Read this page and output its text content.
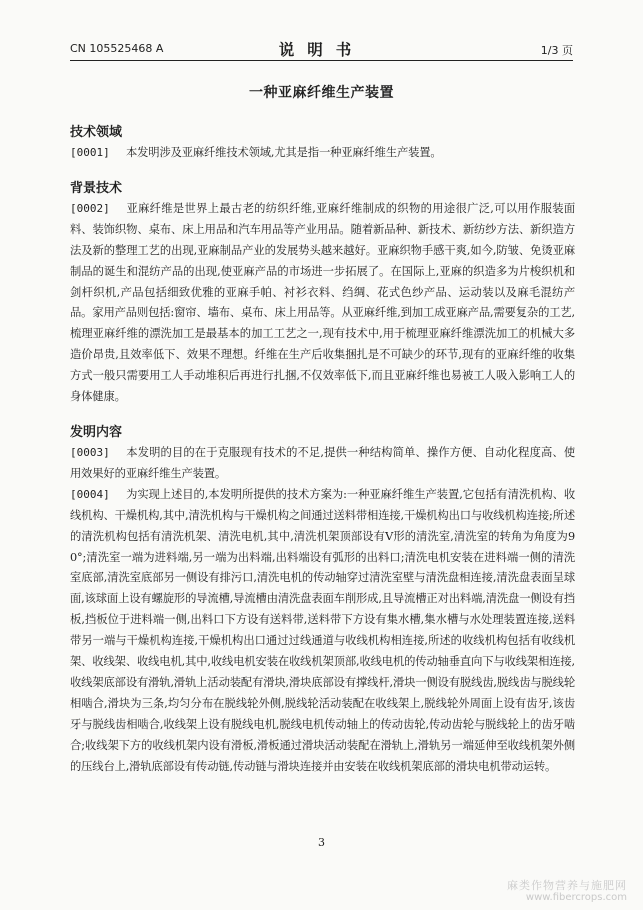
CN 105525468 A	说明书	1/3 页
一种亚麻纤维生产装置
技术领域
[0001] 本发明涉及亚麻纤维技术领域,尤其是指一种亚麻纤维生产装置。
背景技术
[0002] 亚麻纤维是世界上最古老的纺织纤维,亚麻纤维制成的织物的用途很广泛,可以用作服装面料、装饰织物、桌布、床上用品和汽车用品等产业用品。随着新品种、新技术、新纺纱方法、新织造方法及新的整理工艺的出现,亚麻制品产业的发展势头越来越好。亚麻织物手感干爽,如今,防皱、免烫亚麻制品的诞生和混纺产品的出现,使亚麻产品的市场进一步拓展了。在国际上,亚麻的织造多为片梭织机和剑杆织机,产品包括细致优雅的亚麻手帕、衬衫衣料、绉绸、花式色纱产品、运动装以及麻毛混纺产品。家用产品则包括:窗帘、墙布、桌布、床上用品等。从亚麻纤维,到加工成亚麻产品,需要复杂的工艺,梳理亚麻纤维的漂洗加工是最基本的加工工艺之一,现有技术中,用于梳理亚麻纤维漂洗加工的机械大多造价昂贵,且效率低下、效果不理想。纤维在生产后收集捆扎是不可缺少的环节,现有的亚麻纤维的收集方式一般只需要用工人手动堆积后再进行扎捆,不仅效率低下,而且亚麻纤维也易被工人吸入影响工人的身体健康。
发明内容
[0003] 本发明的目的在于克服现有技术的不足,提供一种结构简单、操作方便、自动化程度高、使用效果好的亚麻纤维生产装置。
[0004] 为实现上述目的,本发明所提供的技术方案为:一种亚麻纤维生产装置,它包括有清洗机构、收线机构、干燥机构,其中,清洗机构与干燥机构之间通过送料带相连接,干燥机构出口与收线机构连接;所述的清洗机构包括有清洗机架、清洗电机,其中,清洗机架顶部设有V形的清洗室,清洗室的转角为角度为90°;清洗室一端为进料端,另一端为出料端,出料端设有弧形的出料口;清洗电机安装在进料端一侧的清洗室底部,清洗室底部另一侧设有排污口,清洗电机的传动轴穿过清洗室壁与清洗盘相连接,清洗盘表面呈球面,该球面上设有螺旋形的导流槽,导流槽由清洗盘表面车削形成,且导流槽正对出料端,清洗盘一侧设有挡板,挡板位于进料端一侧,出料口下方设有送料带,送料带下方设有集水槽,集水槽与水处理装置连接,送料带另一端与干燥机构连接,干燥机构出口通过过线通道与收线机构相连接,所述的收线机构包括有收线机架、收线架、收线电机,其中,收线电机安装在收线机架顶部,收线电机的传动轴垂直向下与收线架相连接,收线架底部设有滑轨,滑轨上活动装配有滑块,滑块底部设有撑线杆,滑块一侧设有脱线齿,脱线齿与脱线轮相啮合,滑块为三条,均匀分布在脱线轮外侧,脱线轮活动装配在收线架上,脱线轮外周面上设有齿牙,该齿牙与脱线齿相啮合,收线架上设有脱线电机,脱线电机传动轴上的传动齿轮,传动齿轮与脱线轮上的齿牙啮合;收线架下方的收线机架内设有滑板,滑板通过滑块活动装配在滑轨上,滑轨另一端延伸至收线机架外侧的压线台上,滑轨底部设有传动链,传动链与滑块连接并由安装在收线机架底部的滑块电机带动运转。
3
麻类作物营养与施肥网
www.fibercrops.com
